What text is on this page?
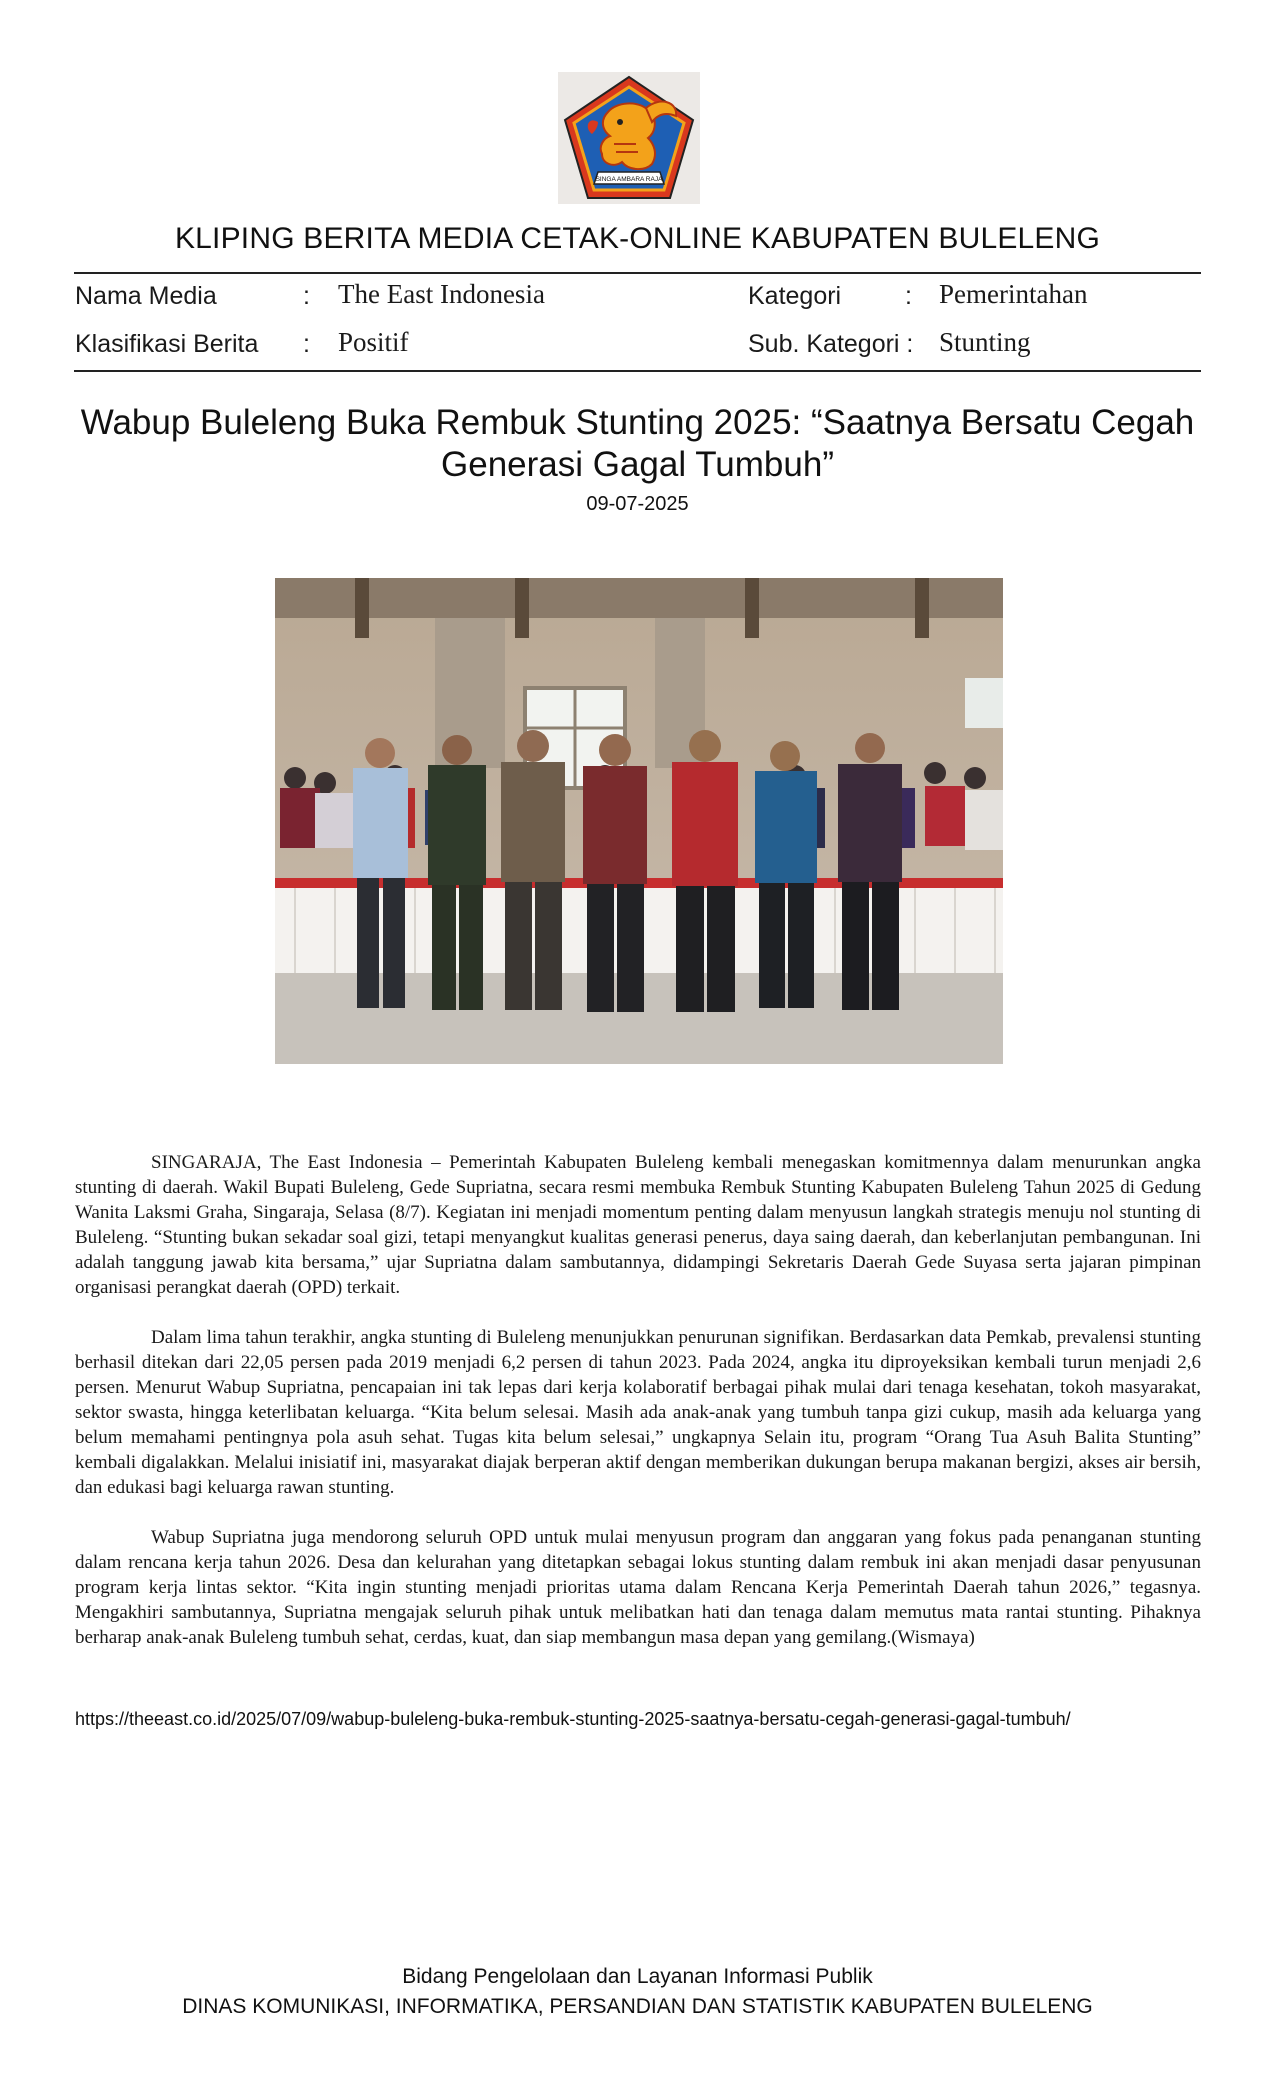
SINGA AMBARA RAJA
KLIPING BERITA MEDIA CETAK-ONLINE KABUPATEN BULELENG
Nama Media	: The East Indonesia	Kategori	: Pemerintahan
Klasifikasi Berita : Positif	Sub. Kategori : Stunting
Wabup Buleleng Buka Rembuk Stunting 2025: “Saatnya Bersatu Cegah
Generasi Gagal Tumbuh”
09-07-2025

SINGARAJA, The East Indonesia – Pemerintah Kabupaten Buleleng kembali menegaskan komitmennya dalam menurunkan angka stunting di daerah. Wakil Bupati Buleleng, Gede Supriatna, secara resmi membuka Rembuk Stunting Kabupaten Buleleng Tahun 2025 di Gedung Wanita Laksmi Graha, Singaraja, Selasa (8/7). Kegiatan ini menjadi momentum penting dalam menyusun langkah strategis menuju nol stunting di Buleleng. “Stunting bukan sekadar soal gizi, tetapi menyangkut kualitas generasi penerus, daya saing daerah, dan keberlanjutan pembangunan. Ini adalah tanggung jawab kita bersama,” ujar Supriatna dalam sambutannya, didampingi Sekretaris Daerah Gede Suyasa serta jajaran pimpinan organisasi perangkat daerah (OPD) terkait.

Dalam lima tahun terakhir, angka stunting di Buleleng menunjukkan penurunan signifikan. Berdasarkan data Pemkab, prevalensi stunting berhasil ditekan dari 22,05 persen pada 2019 menjadi 6,2 persen di tahun 2023. Pada 2024, angka itu diproyeksikan kembali turun menjadi 2,6 persen. Menurut Wabup Supriatna, pencapaian ini tak lepas dari kerja kolaboratif berbagai pihak mulai dari tenaga kesehatan, tokoh masyarakat, sektor swasta, hingga keterlibatan keluarga. “Kita belum selesai. Masih ada anak-anak yang tumbuh tanpa gizi cukup, masih ada keluarga yang belum memahami pentingnya pola asuh sehat. Tugas kita belum selesai,” ungkapnya Selain itu, program “Orang Tua Asuh Balita Stunting” kembali digalakkan. Melalui inisiatif ini, masyarakat diajak berperan aktif dengan memberikan dukungan berupa makanan bergizi, akses air bersih, dan edukasi bagi keluarga rawan stunting.

Wabup Supriatna juga mendorong seluruh OPD untuk mulai menyusun program dan anggaran yang fokus pada penanganan stunting dalam rencana kerja tahun 2026. Desa dan kelurahan yang ditetapkan sebagai lokus stunting dalam rembuk ini akan menjadi dasar penyusunan program kerja lintas sektor. “Kita ingin stunting menjadi prioritas utama dalam Rencana Kerja Pemerintah Daerah tahun 2026,” tegasnya. Mengakhiri sambutannya, Supriatna mengajak seluruh pihak untuk melibatkan hati dan tenaga dalam memutus mata rantai stunting. Pihaknya berharap anak-anak Buleleng tumbuh sehat, cerdas, kuat, dan siap membangun masa depan yang gemilang.(Wismaya)

https://theeast.co.id/2025/07/09/wabup-buleleng-buka-rembuk-stunting-2025-saatnya-bersatu-cegah-generasi-gagal-tumbuh/
Bidang Pengelolaan dan Layanan Informasi Publik
DINAS KOMUNIKASI, INFORMATIKA, PERSANDIAN DAN STATISTIK KABUPATEN BULELENG
